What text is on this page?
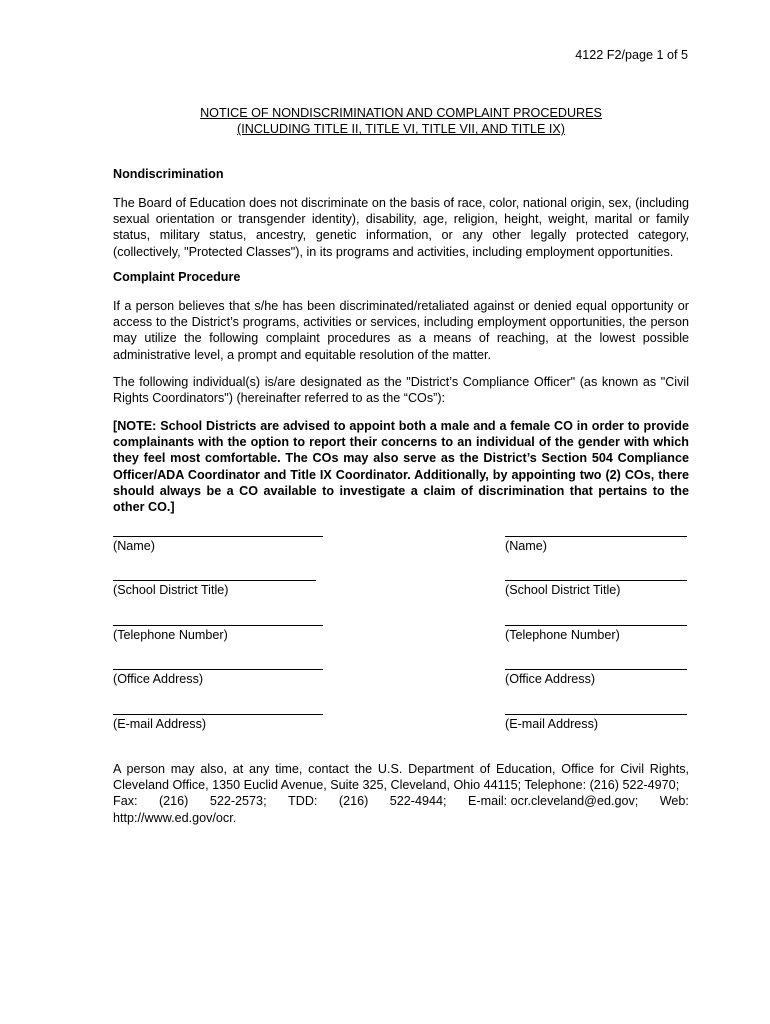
4122 F2/page 1 of 5
NOTICE OF NONDISCRIMINATION AND COMPLAINT PROCEDURES
(INCLUDING TITLE II, TITLE VI, TITLE VII, AND TITLE IX)
Nondiscrimination
The Board of Education does not discriminate on the basis of race, color, national origin, sex, (including sexual orientation or transgender identity), disability, age, religion, height, weight, marital or family status, military status, ancestry, genetic information, or any other legally protected category, (collectively, "Protected Classes"), in its programs and activities, including employment opportunities.
Complaint Procedure
If a person believes that s/he has been discriminated/retaliated against or denied equal opportunity or access to the District’s programs, activities or services, including employment opportunities, the person may utilize the following complaint procedures as a means of reaching, at the lowest possible administrative level, a prompt and equitable resolution of the matter.
The following individual(s) is/are designated as the "District’s Compliance Officer" (as known as "Civil Rights Coordinators") (hereinafter referred to as the “COs”):
[NOTE: School Districts are advised to appoint both a male and a female CO in order to provide complainants with the option to report their concerns to an individual of the gender with which they feel most comfortable. The COs may also serve as the District’s Section 504 Compliance Officer/ADA Coordinator and Title IX Coordinator. Additionally, by appointing two (2) COs, there should always be a CO available to investigate a claim of discrimination that pertains to the other CO.]
(Name)
(School District Title)
(Telephone Number)
(Office Address)
(E-mail Address)
(Name)
(School District Title)
(Telephone Number)
(Office Address)
(E-mail Address)
A person may also, at any time, contact the U.S. Department of Education, Office for Civil Rights, Cleveland Office, 1350 Euclid Avenue, Suite 325, Cleveland, Ohio 44115; Telephone: (216) 522-4970;
Fax: (216) 522-2573; TDD: (216) 522-4944; E-mail: ocr.cleveland@ed.gov; Web:
http://www.ed.gov/ocr.
